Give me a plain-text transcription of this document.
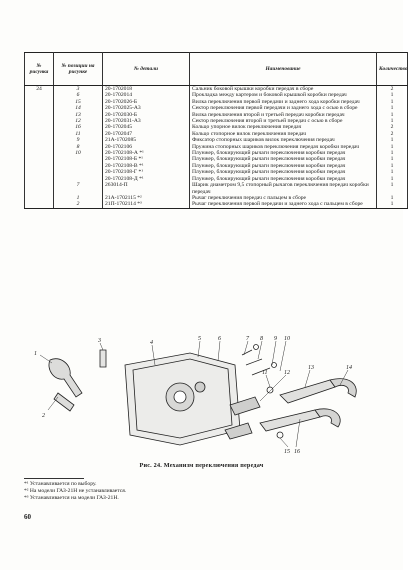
№ рисунка	№ позиции на рисунке	№ детали	Наименование	Количество
24	3	20-1702018	Сальник боковой крышки коробки передач в сборе	2
	6	20-1702014	Прокладка между картером и боковой крышкой коробки передач	1
	15	20-1702026-Б	Вилка переключения первой передачи и заднего хода коробки передач	1
	14	20-1702025-А3	Сектор переключения первой передачи и заднего хода с осью в сборе	1
	13	20-1702030-Б	Вилка переключения второй и третьей передач коробки передач	1
	12	20-1702031-А3	Сектор переключения второй и третьей передач с осью в сборе	1
	16	20-1702045	Кольцо упорное вилок переключения передач	2
	11	20-1702047	Кольцо стопорное вилок переключения передач	2
	9	21А-1702085	Фиксатор стопорных шариков вилок переключения передач	1
	8	20-1702106	Пружина стопорных шариков переключения передач коробки передач	1
	10	20-1702108-А *¹	Плунжер, блокирующий рычаги переключения коробки передач	1
		20-1702108-Б *¹	Плунжер, блокирующий рычаги переключения коробки передач	1
		20-1702108-В *¹	Плунжер, блокирующий рычаги переключения коробки передач	1
		20-1702108-Г *¹	Плунжер, блокирующий рычаги переключения коробки передач	1
		20-1702108-Д *¹	Плунжер, блокирующий рычаги переключения коробки передач	1
	7	263014-П	Шарик диаметром 9,5 стопорный рычагов переключения передач коробки передач	1
	1	21А-1702115 *²	Рычаг переключения передач с пальцем в сборе	1
	2	21П-1702114 *³	Рычаг переключения первой передачи и заднего хода с пальцем в сборе	1
1
2
3	4
5	6	7 8 9 10
11	12
13	14
15 16
Рис. 24. Механизм переключения передач
*¹ Устанавливается по выбору.
*² На модели ГАЗ-21Н не устанавливается.
*³ Устанавливается на модели ГАЗ-21Н.
60
